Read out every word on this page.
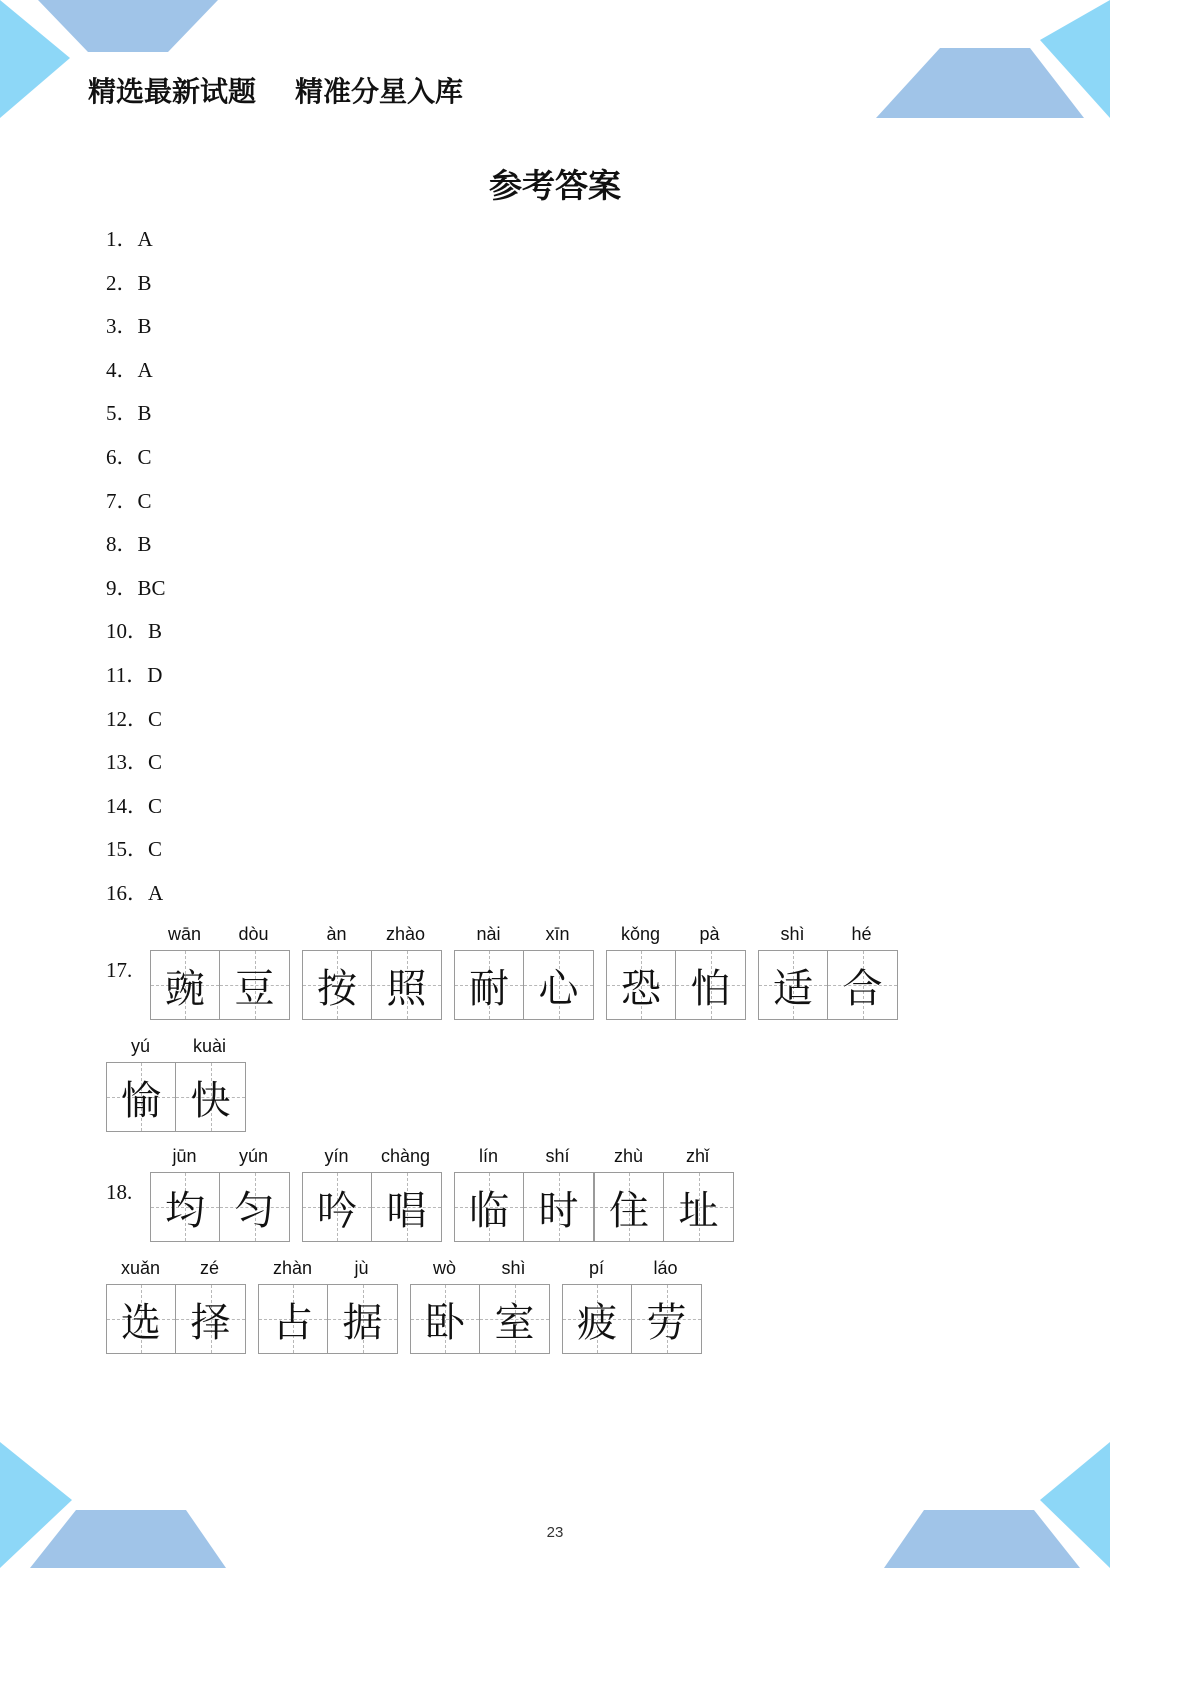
精选最新试题    精准分星入库
参考答案
1．A
2．B
3．B
4．A
5．B
6．C
7．C
8．B
9．BC
10．B
11．D
12．C
13．C
14．C
15．C
16．A
17.
wān	dòu
豌 豆
àn	zhào
按 照
nài	xīn
耐 心
kǒng	pà
恐 怕
shì	hé
适 合
yú	kuài
愉 快
18.
jūn	yún
均 匀
yín	chàng
吟 唱
lín	shí
临 时
zhù	zhǐ
住 址
xuǎn	zé
选 择
zhàn	jù
占 据
wò	shì
卧 室
pí	láo
疲 劳
23
